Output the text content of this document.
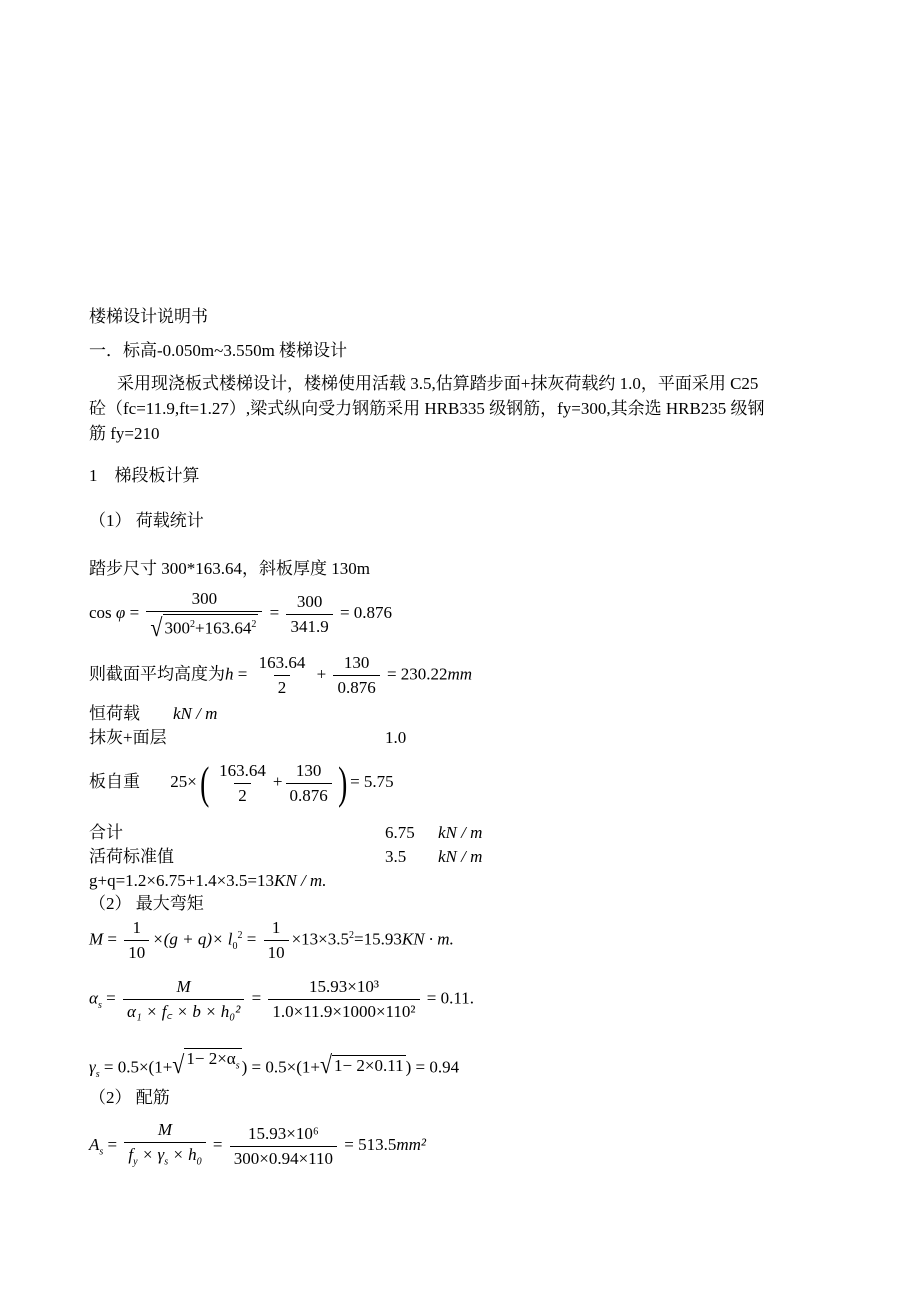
楼梯设计说明书
一．标高-0.050m~3.550m 楼梯设计
采用现浇板式楼梯设计，楼梯使用活载 3.5,估算踏步面+抹灰荷载约 1.0，平面采用 C25
砼（fc=11.9,ft=1.27）,梁式纵向受力钢筋采用 HRB335 级钢筋，fy=300,其余选 HRB235 级钢
筋 fy=210
1　梯段板计算
（1） 荷载统计
踏步尺寸 300*163.64，斜板厚度 130m
$\cos \varphi = \frac{300}{√ 300^2+163.64^2} = \frac{300}{341.9} = 0.876$
则截面平均高度为$h = \frac{163.64}{2} + \frac{130}{0.876} = 230.22mm$
恒荷载 kN / m
抹灰+面层	1.0
板自重 $25\times( \frac{163.64}{2} + \frac{130}{0.876}$ ) = 5.75
合计	6.75 kN / m
活荷标准值	3.5 kN / m
g+q=1.2×6.75+1.4×3.5=13KN / m.
（2） 最大弯矩
$M = \frac{1}{10} \times(g + q)\times l_0^2 = \frac{1}{10} \times 13\times 3.5^2=15.93KN \cdot m$.
$\alpha_s = \frac{M}{\text{α₁ × f꜀ × b × h₀²}} = \frac{\text{15.93×10³}}{\text{1.0×11.9×1000×110²}} = 0.11$.
$\gamma_s = 0.5\times(1+$ √ $1- 2\times\alpha_s$ ) = 0.5×(1+ √ 1− 2×0.11 ) = 0.94
（2） 配筋
$A_s = \frac{M}{f_y \times \gamma_s \times h_0} = \frac{\text{15.93×10⁶}}{300\times 0.94\times 110} = 513.5mm^2$
